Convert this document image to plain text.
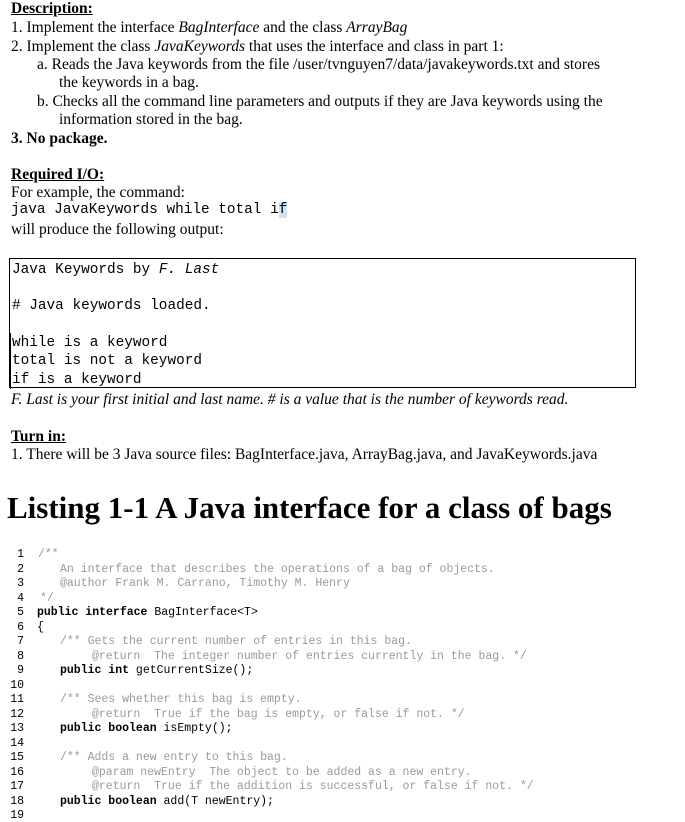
Description:
1. Implement the interface BagInterface and the class ArrayBag
2. Implement the class JavaKeywords that uses the interface and class in part 1:
a. Reads the Java keywords from the file /user/tvnguyen7/data/javakeywords.txt and stores
the keywords in a bag.
b. Checks all the command line parameters and outputs if they are Java keywords using the
information stored in the bag.
3. No package.
Required I/O:
For example, the command:
java JavaKeywords while total if
will produce the following output:
Java Keywords by F. Last
# Java keywords loaded.
while is a keyword
total is not a keyword
if is a keyword
F. Last is your first initial and last name. # is a value that is the number of keywords read.
Turn in:
1. There will be 3 Java source files: BagInterface.java, ArrayBag.java, and JavaKeywords.java
Listing 1-1 A Java interface for a class of bags
1
2
3
4
5
6
7
8
9
10
11
12
13
14
15
16
17
18
19
/**
An interface that describes the operations of a bag of objects.
@author Frank M. Carrano, Timothy M. Henry
*/
public interface BagInterface<T>
{
/** Gets the current number of entries in this bag.
@return  The integer number of entries currently in the bag. */
public int getCurrentSize();
/** Sees whether this bag is empty.
@return  True if the bag is empty, or false if not. */
public boolean isEmpty();
/** Adds a new entry to this bag.
@param newEntry  The object to be added as a new entry.
@return  True if the addition is successful, or false if not. */
public boolean add(T newEntry);
